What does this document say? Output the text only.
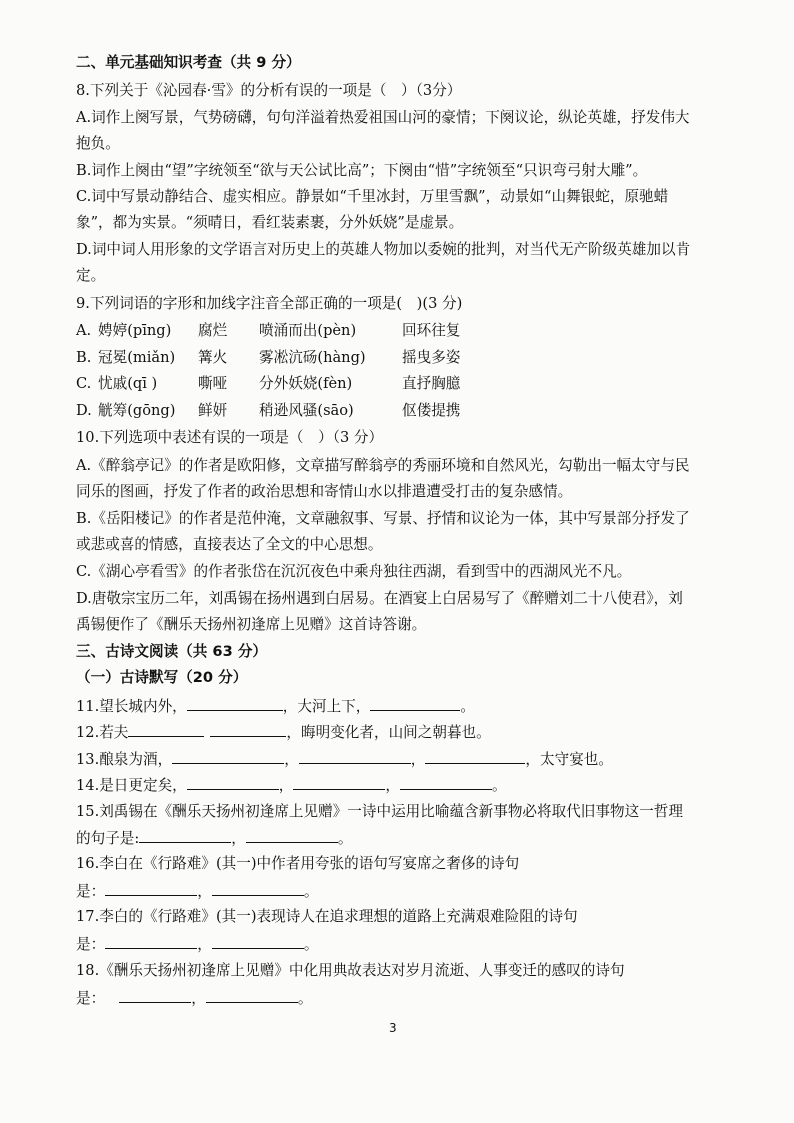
二、单元基础知识考查（共 9 分）
8.下列关于《沁园春·雪》的分析有误的一项是（　）（3分）
A.词作上阕写景，气势磅礴，句句洋溢着热爱祖国山河的豪情；下阕议论，纵论英雄，抒发伟大
抱负。
B.词作上阕由“望”字统领至“欲与天公试比高”；下阕由“惜”字统领至“只识弯弓射大雕”。
C.词中写景动静结合、虚实相应。静景如“千里冰封，万里雪飘”，动景如“山舞银蛇，原驰蜡
象”，都为实景。“须晴日，看红装素裹，分外妖娆”是虚景。
D.词中词人用形象的文学语言对历史上的英雄人物加以委婉的批判，对当代无产阶级英雄加以肯
定。
9.下列词语的字形和加线字注音全部正确的一项是(　)(3 分)
A. 娉婷(pīng) 腐烂 喷涌而出(pèn)	回环往复
B. 冠冕(miǎn) 篝火 雾凇沆砀(hàng) 摇曳多姿
C. 忧戚(qī )	嘶哑 分外妖娆(fèn)	直抒胸臆
D. 觥筹(gōng) 鲜妍 稍逊风骚(sāo)	伛偻提携
10.下列选项中表述有误的一项是（　）（3 分）
A.《醉翁亭记》的作者是欧阳修，文章描写醉翁亭的秀丽环境和自然风光，勾勒出一幅太守与民
同乐的图画，抒发了作者的政治思想和寄情山水以排遣遭受打击的复杂感情。
B.《岳阳楼记》的作者是范仲淹，文章融叙事、写景、抒情和议论为一体，其中写景部分抒发了
或悲或喜的情感，直接表达了全文的中心思想。
C.《湖心亭看雪》的作者张岱在沉沉夜色中乘舟独往西湖，看到雪中的西湖风光不凡。
D.唐敬宗宝历二年，刘禹锡在扬州遇到白居易。在酒宴上白居易写了《醉赠刘二十八使君》，刘
禹锡便作了《酬乐天扬州初逢席上见赠》这首诗答谢。
三、古诗文阅读（共 63 分）
（一）古诗默写（20 分）
11.望长城内外，	，大河上下，	。
12.若夫	，晦明变化者，山间之朝暮也。
13.酿泉为酒，	，	，	，太守宴也。
14.是日更定矣，	，	，	。
15.刘禹锡在《酬乐天扬州初逢席上见赠》一诗中运用比喻蕴含新事物必将取代旧事物这一哲理
的句子是:	，	。
16.李白在《行路难》(其一)中作者用夸张的语句写宴席之奢侈的诗句
是：	，	。
17.李白的《行路难》(其一)表现诗人在追求理想的道路上充满艰难险阻的诗句
是：	，	。
18.《酬乐天扬州初逢席上见赠》中化用典故表达对岁月流逝、人事变迁的感叹的诗句
是：	，	。
3
